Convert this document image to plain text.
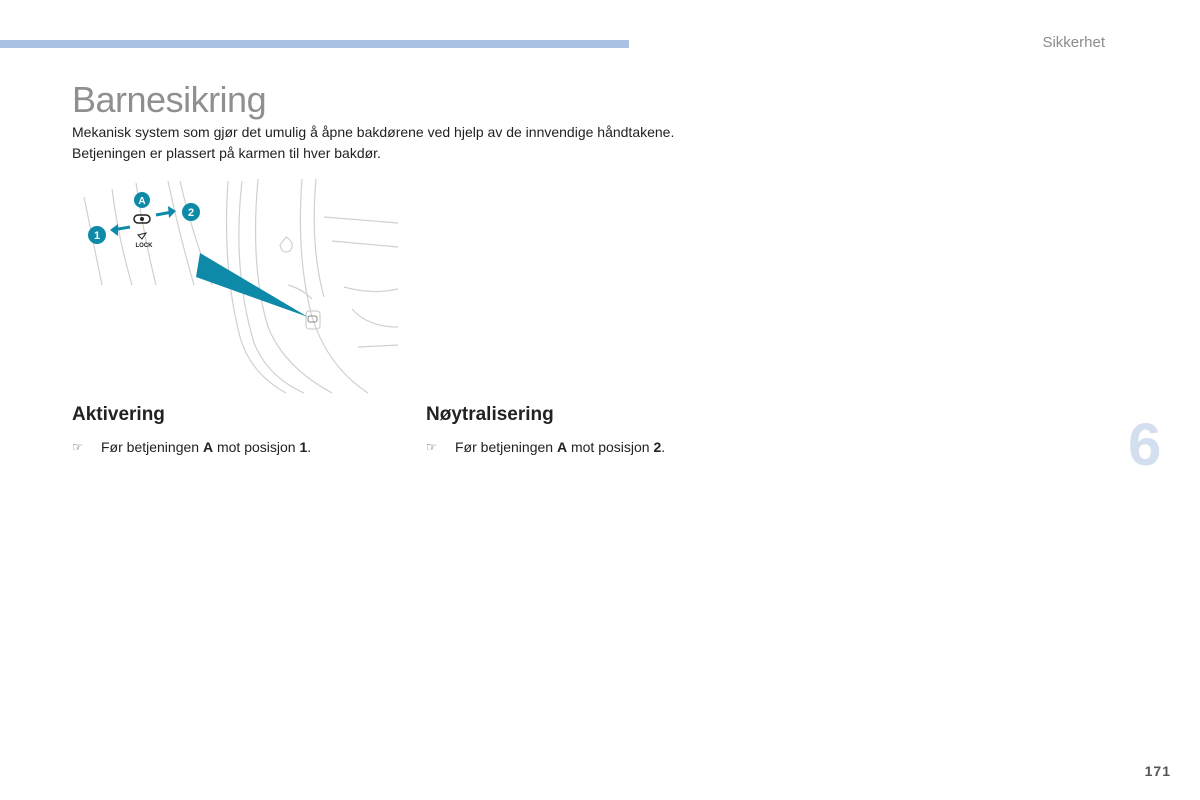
Sikkerhet
Barnesikring

Mekanisk system som gjør det umulig å åpne bakdørene ved hjelp av de innvendige håndtakene.

Betjeningen er plassert på karmen til hver bakdør.

A
LOCK
1
2
Aktivering
☞ Før betjeningen A mot posisjon 1.
Nøytralisering
☞ Før betjeningen A mot posisjon 2.	6
171
